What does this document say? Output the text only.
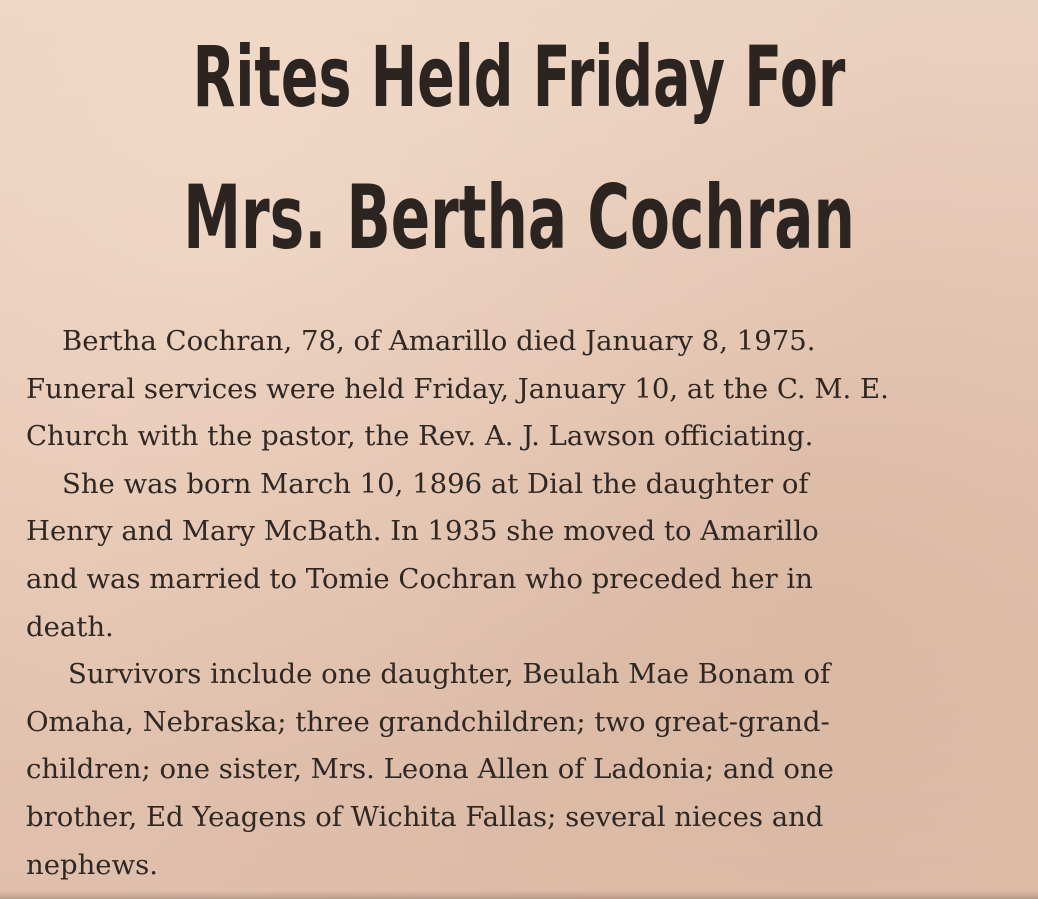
Rites Held Friday For
Mrs. Bertha Cochran
Bertha Cochran, 78, of Amarillo died January 8, 1975.
Funeral services were held Friday, January 10, at the C. M. E.
Church with the pastor, the Rev. A. J. Lawson officiating.
She was born March 10, 1896 at Dial the daughter of
Henry and Mary McBath. In 1935 she moved to Amarillo
and was married to Tomie Cochran who preceded her in
death.
Survivors include one daughter, Beulah Mae Bonam of
Omaha, Nebraska; three grandchildren; two great-grand-
children; one sister, Mrs. Leona Allen of Ladonia; and one
brother, Ed Yeagens of Wichita Fallas; several nieces and
nephews.
